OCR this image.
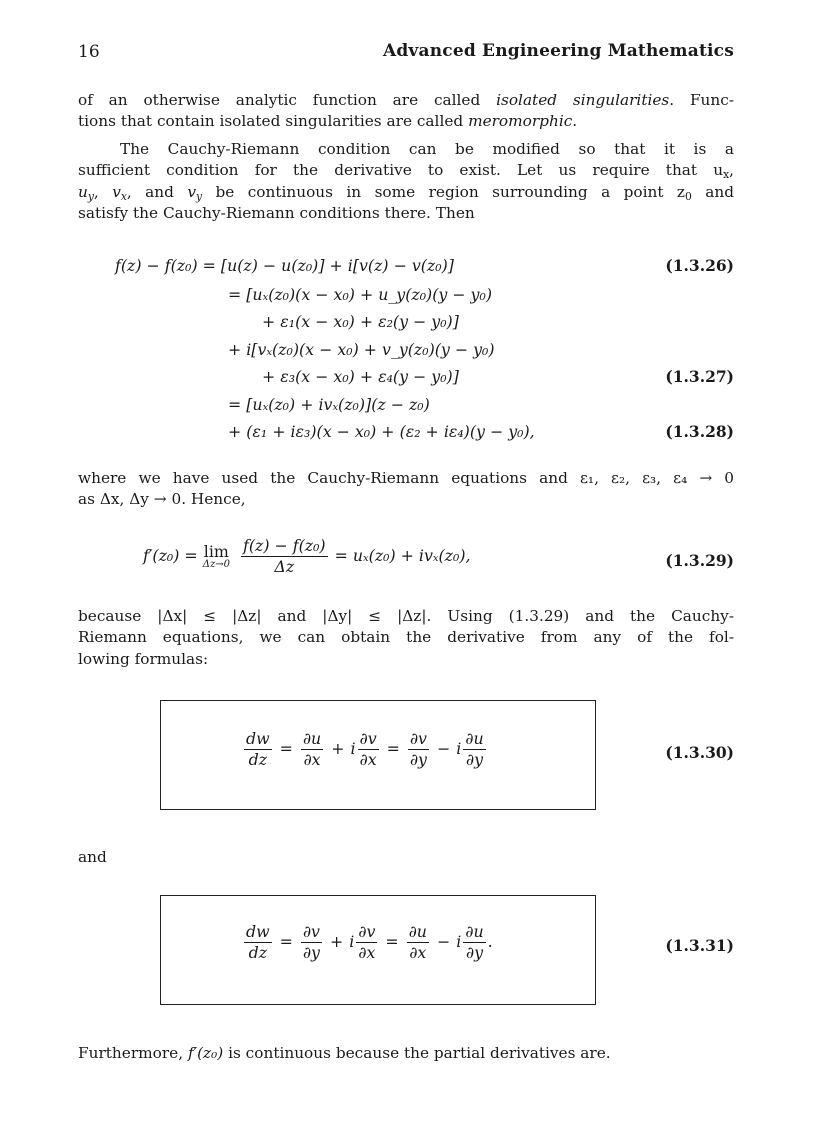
16	Advanced Engineering Mathematics
of an otherwise analytic function are called isolated singularities. Func-
tions that contain isolated singularities are called meromorphic.
The Cauchy-Riemann condition can be modified so that it is a
sufficient condition for the derivative to exist. Let us require that $u_x$,
$u_y$, $v_x$, and $v_y$ be continuous in some region surrounding a point $z_0$ and
satisfy the Cauchy-Riemann conditions there. Then
f(z) − f(z₀) = [u(z) − u(z₀)] + i[v(z) − v(z₀)]	(1.3.26)
= [uₓ(z₀)(x − x₀) + u_y(z₀)(y − y₀)
+ ε₁(x − x₀) + ε₂(y − y₀)]
+ i[vₓ(z₀)(x − x₀) + v_y(z₀)(y − y₀)
+ ε₃(x − x₀) + ε₄(y − y₀)]	(1.3.27)
= [uₓ(z₀) + ivₓ(z₀)](z − z₀)
+ (ε₁ + iε₃)(x − x₀) + (ε₂ + iε₄)(y − y₀),	(1.3.28)
where we have used the Cauchy-Riemann equations and ε₁, ε₂, ε₃, ε₄ → 0
as Δx, Δy → 0. Hence,
f′(z₀) = lim
Δz→0
$\frac{\text{f(z) − f(z₀)}}{\Delta z} = u_x(z_0) + iv_x(z_0)$,	(1.3.29)
because |Δx| ≤ |Δz| and |Δy| ≤ |Δz|. Using (1.3.29) and the Cauchy-
Riemann equations, we can obtain the derivative from any of the fol-
lowing formulas:
$\frac{dw}{dz} = \frac{\partial u}{\partial x} + i \frac{\partial v}{\partial x} = \frac{\partial v}{\partial y} - i \frac{\partial u}{\partial y}$	(1.3.30)
and
$\frac{dw}{dz} = \frac{\partial v}{\partial y} + i \frac{\partial v}{\partial x} = \frac{\partial u}{\partial x} - i \frac{\partial u}{\partial y}$ .	(1.3.31)
Furthermore, f′(z₀) is continuous because the partial derivatives are.
